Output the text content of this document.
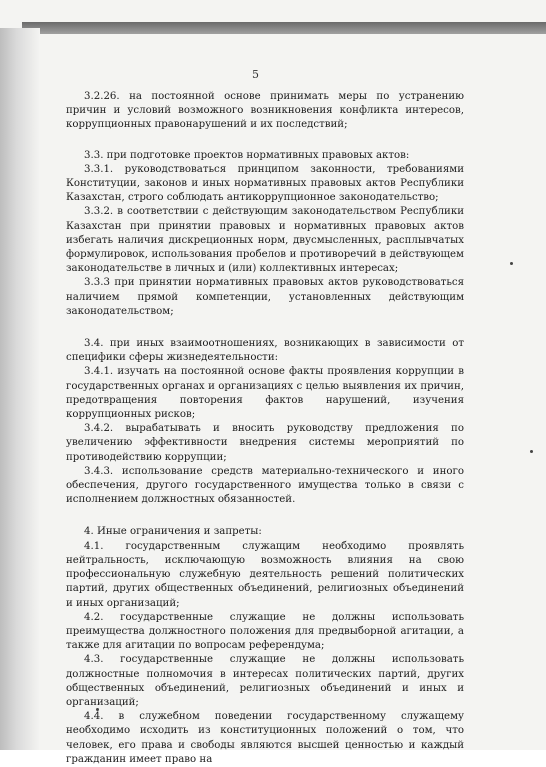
5

3.2.26. на постоянной основе принимать меры по устранению причин и условий возможного возникновения конфликта интересов, коррупционных правонарушений и их последствий;

3.3. при подготовке проектов нормативных правовых актов:

3.3.1. руководствоваться принципом законности, требованиями Конституции, законов и иных нормативных правовых актов Республики Казахстан, строго соблюдать антикоррупционное законодательство;

3.3.2. в соответствии с действующим законодательством Республики Казахстан при принятии правовых и нормативных правовых актов избегать наличия дискреционных норм, двусмысленных, расплывчатых формулировок, использования пробелов и противоречий в действующем законодательстве в личных и (или) коллективных интересах;

3.3.3 при принятии нормативных правовых актов руководствоваться наличием прямой компетенции, установленных действующим законодательством;

3.4. при иных взаимоотношениях, возникающих в зависимости от специфики сферы жизнедеятельности:

3.4.1. изучать на постоянной основе факты проявления коррупции в государственных органах и организациях с целью выявления их причин, предотвращения повторения фактов нарушений, изучения коррупционных рисков;

3.4.2. вырабатывать и вносить руководству предложения по увеличению эффективности внедрения системы мероприятий по противодействию коррупции;

3.4.3. использование средств материально-технического и иного обеспечения, другого государственного имущества только в связи с исполнением должностных обязанностей.

4. Иные ограничения и запреты:

4.1. государственным служащим необходимо проявлять нейтральность, исключающую возможность влияния на свою профессиональную служебную деятельность решений политических партий, других общественных объединений, религиозных объединений и иных организаций;

4.2. государственные служащие не должны использовать преимущества должностного положения для предвыборной агитации, а также для агитации по вопросам референдума;

4.3. государственные служащие не должны использовать должностные полномочия в интересах политических партий, других общественных объединений, религиозных объединений и иных и организаций;

4.4. в служебном поведении государственному служащему необходимо исходить из конституционных положений о том, что человек, его права и свободы являются высшей ценностью и каждый гражданин имеет право на
